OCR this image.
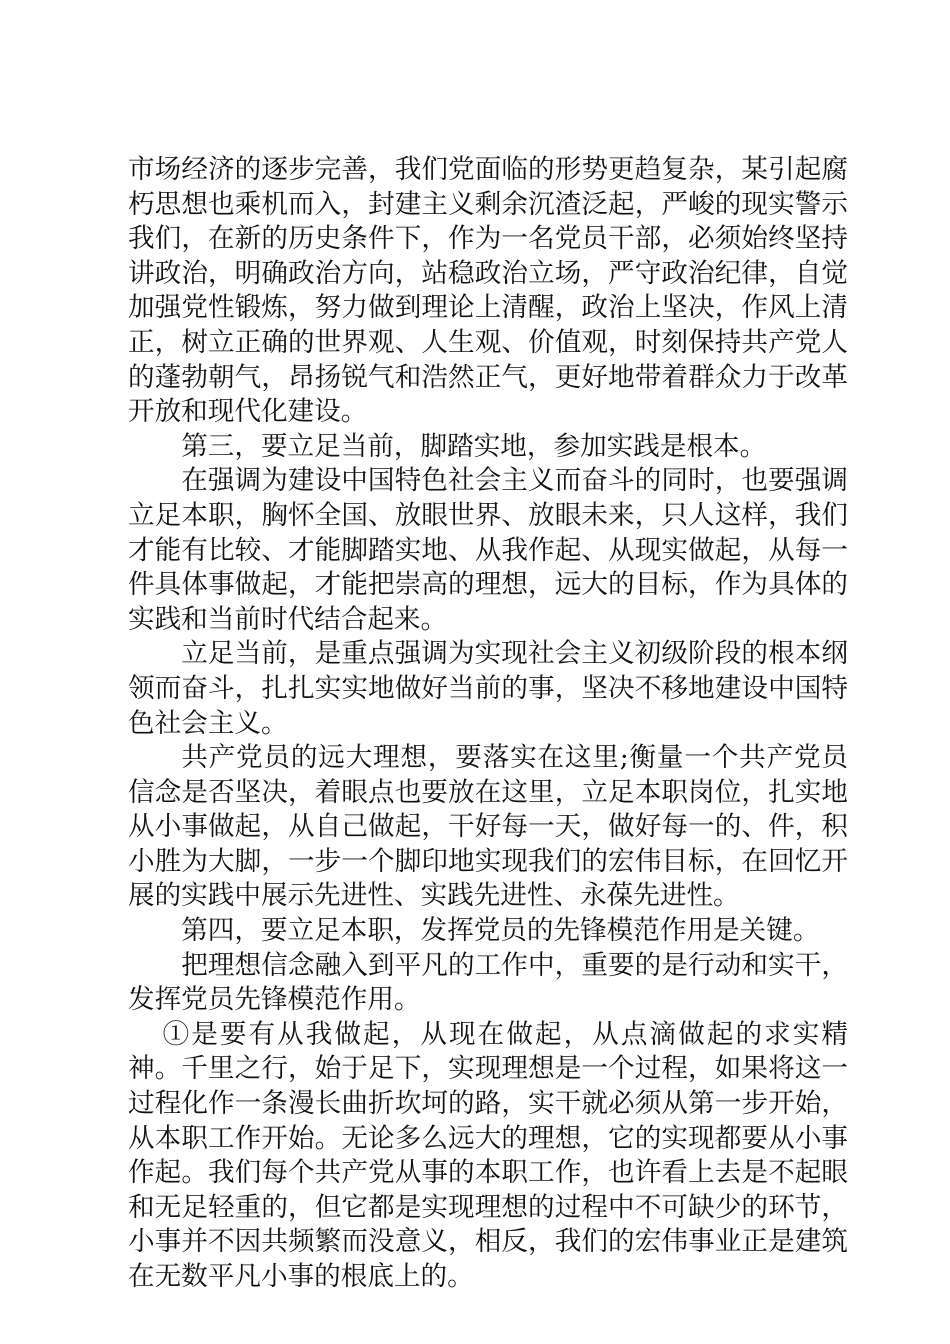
市场经济的逐步完善，我们党面临的形势更趋复杂，某引起腐朽思想也乘机而入，封建主义剩余沉渣泛起，严峻的现实警示我们，在新的历史条件下，作为一名党员干部，必须始终坚持讲政治，明确政治方向，站稳政治立场，严守政治纪律，自觉加强党性锻炼，努力做到理论上清醒，政治上坚决，作风上清正，树立正确的世界观、人生观、价值观，时刻保持共产党人的蓬勃朝气，昂扬锐气和浩然正气，更好地带着群众力于改革开放和现代化建设。

第三，要立足当前，脚踏实地，参加实践是根本。

在强调为建设中国特色社会主义而奋斗的同时，也要强调立足本职，胸怀全国、放眼世界、放眼未来，只人这样，我们才能有比较、才能脚踏实地、从我作起、从现实做起，从每一件具体事做起，才能把崇高的理想，远大的目标，作为具体的实践和当前时代结合起来。

立足当前，是重点强调为实现社会主义初级阶段的根本纲领而奋斗，扎扎实实地做好当前的事，坚决不移地建设中国特色社会主义。

共产党员的远大理想，要落实在这里;衡量一个共产党员信念是否坚决，着眼点也要放在这里，立足本职岗位，扎实地从小事做起，从自己做起，干好每一天，做好每一的、件，积小胜为大脚，一步一个脚印地实现我们的宏伟目标，在回忆开展的实践中展示先进性、实践先进性、永葆先进性。

第四，要立足本职，发挥党员的先锋模范作用是关键。

把理想信念融入到平凡的工作中，重要的是行动和实干，发挥党员先锋模范作用。

①是要有从我做起，从现在做起，从点滴做起的求实精神。千里之行，始于足下，实现理想是一个过程，如果将这一过程化作一条漫长曲折坎坷的路，实干就必须从第一步开始，从本职工作开始。无论多么远大的理想，它的实现都要从小事作起。我们每个共产党从事的本职工作，也许看上去是不起眼和无足轻重的，但它都是实现理想的过程中不可缺少的环节，小事并不因共频繁而没意义，相反，我们的宏伟事业正是建筑在无数平凡小事的根底上的。
